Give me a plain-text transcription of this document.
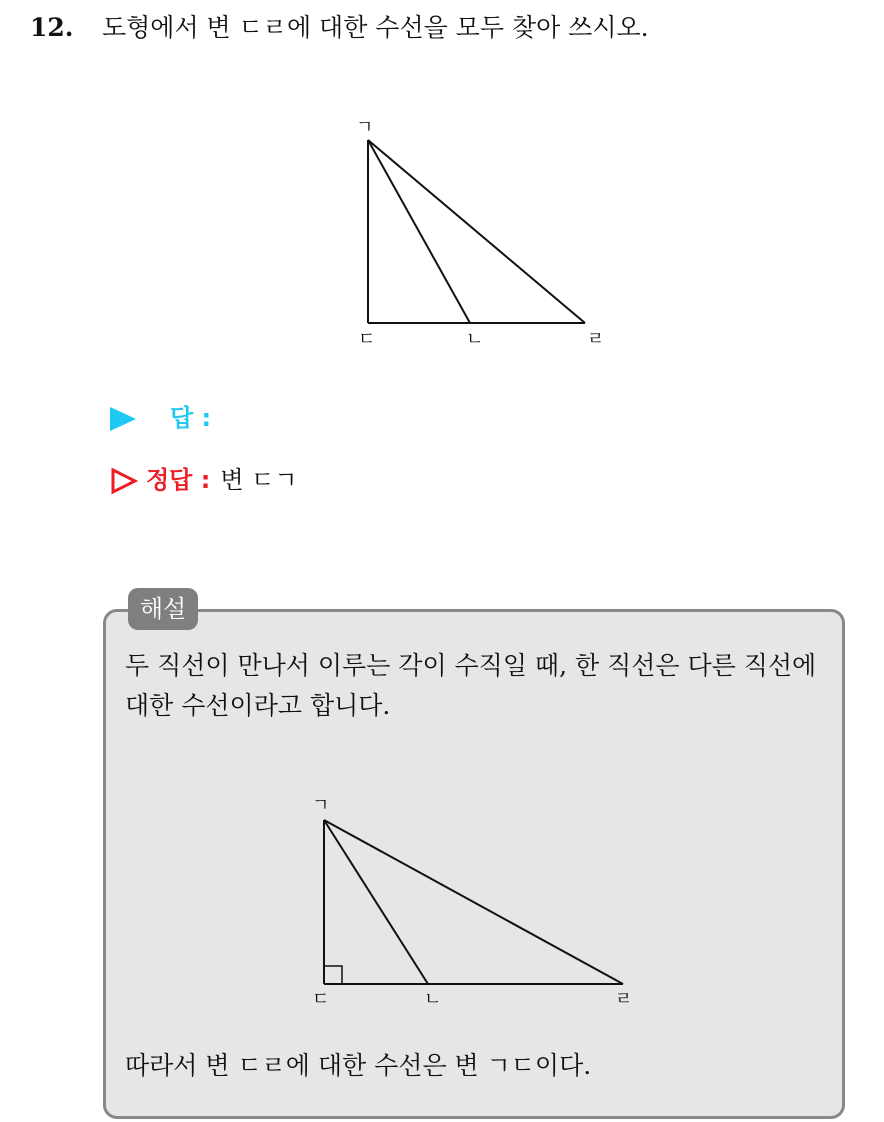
12. 도형에서 변 ㄷㄹ에 대한 수선을 모두 찾아 쓰시오.
ㄱ
ㄷ	ㄴ	ㄹ
답 :
정답 : 변 ㄷㄱ
해설
두 직선이 만나서 이루는 각이 수직일 때, 한 직선은 다른 직선에 대한 수선이라고 합니다.
ㄱ
ㄷ	ㄴ	ㄹ
따라서 변 ㄷㄹ에 대한 수선은 변 ㄱㄷ이다.
